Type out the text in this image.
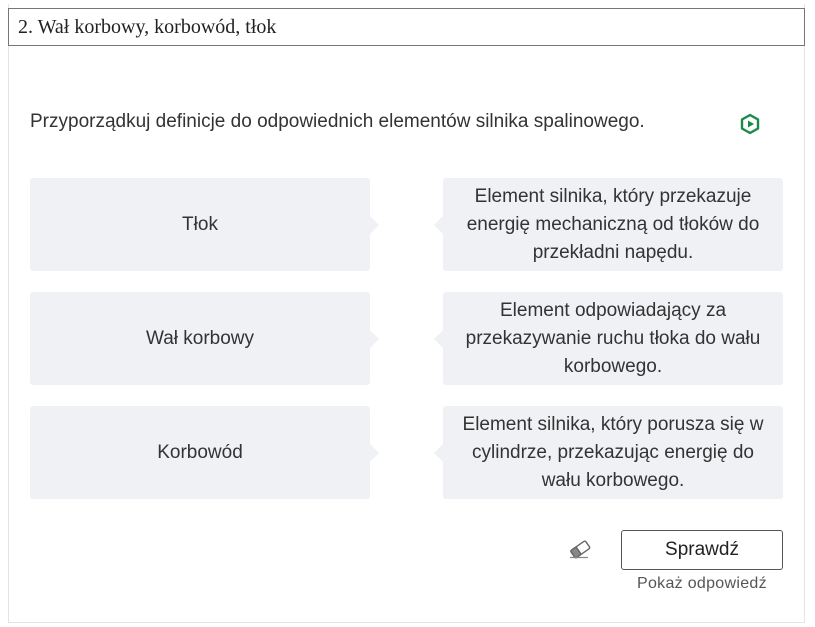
2. Wał korbowy, korbowód, tłok
Przyporządkuj definicje do odpowiednich elementów silnika spalinowego.
Tłok
Element silnika, który przekazuje energię mechaniczną od tłoków do przekładni napędu.
Wał korbowy
Element odpowiadający za przekazywanie ruchu tłoka do wału korbowego.
Korbowód
Element silnika, który porusza się w cylindrze, przekazując energię do wału korbowego.
Sprawdź
Pokaż odpowiedź
